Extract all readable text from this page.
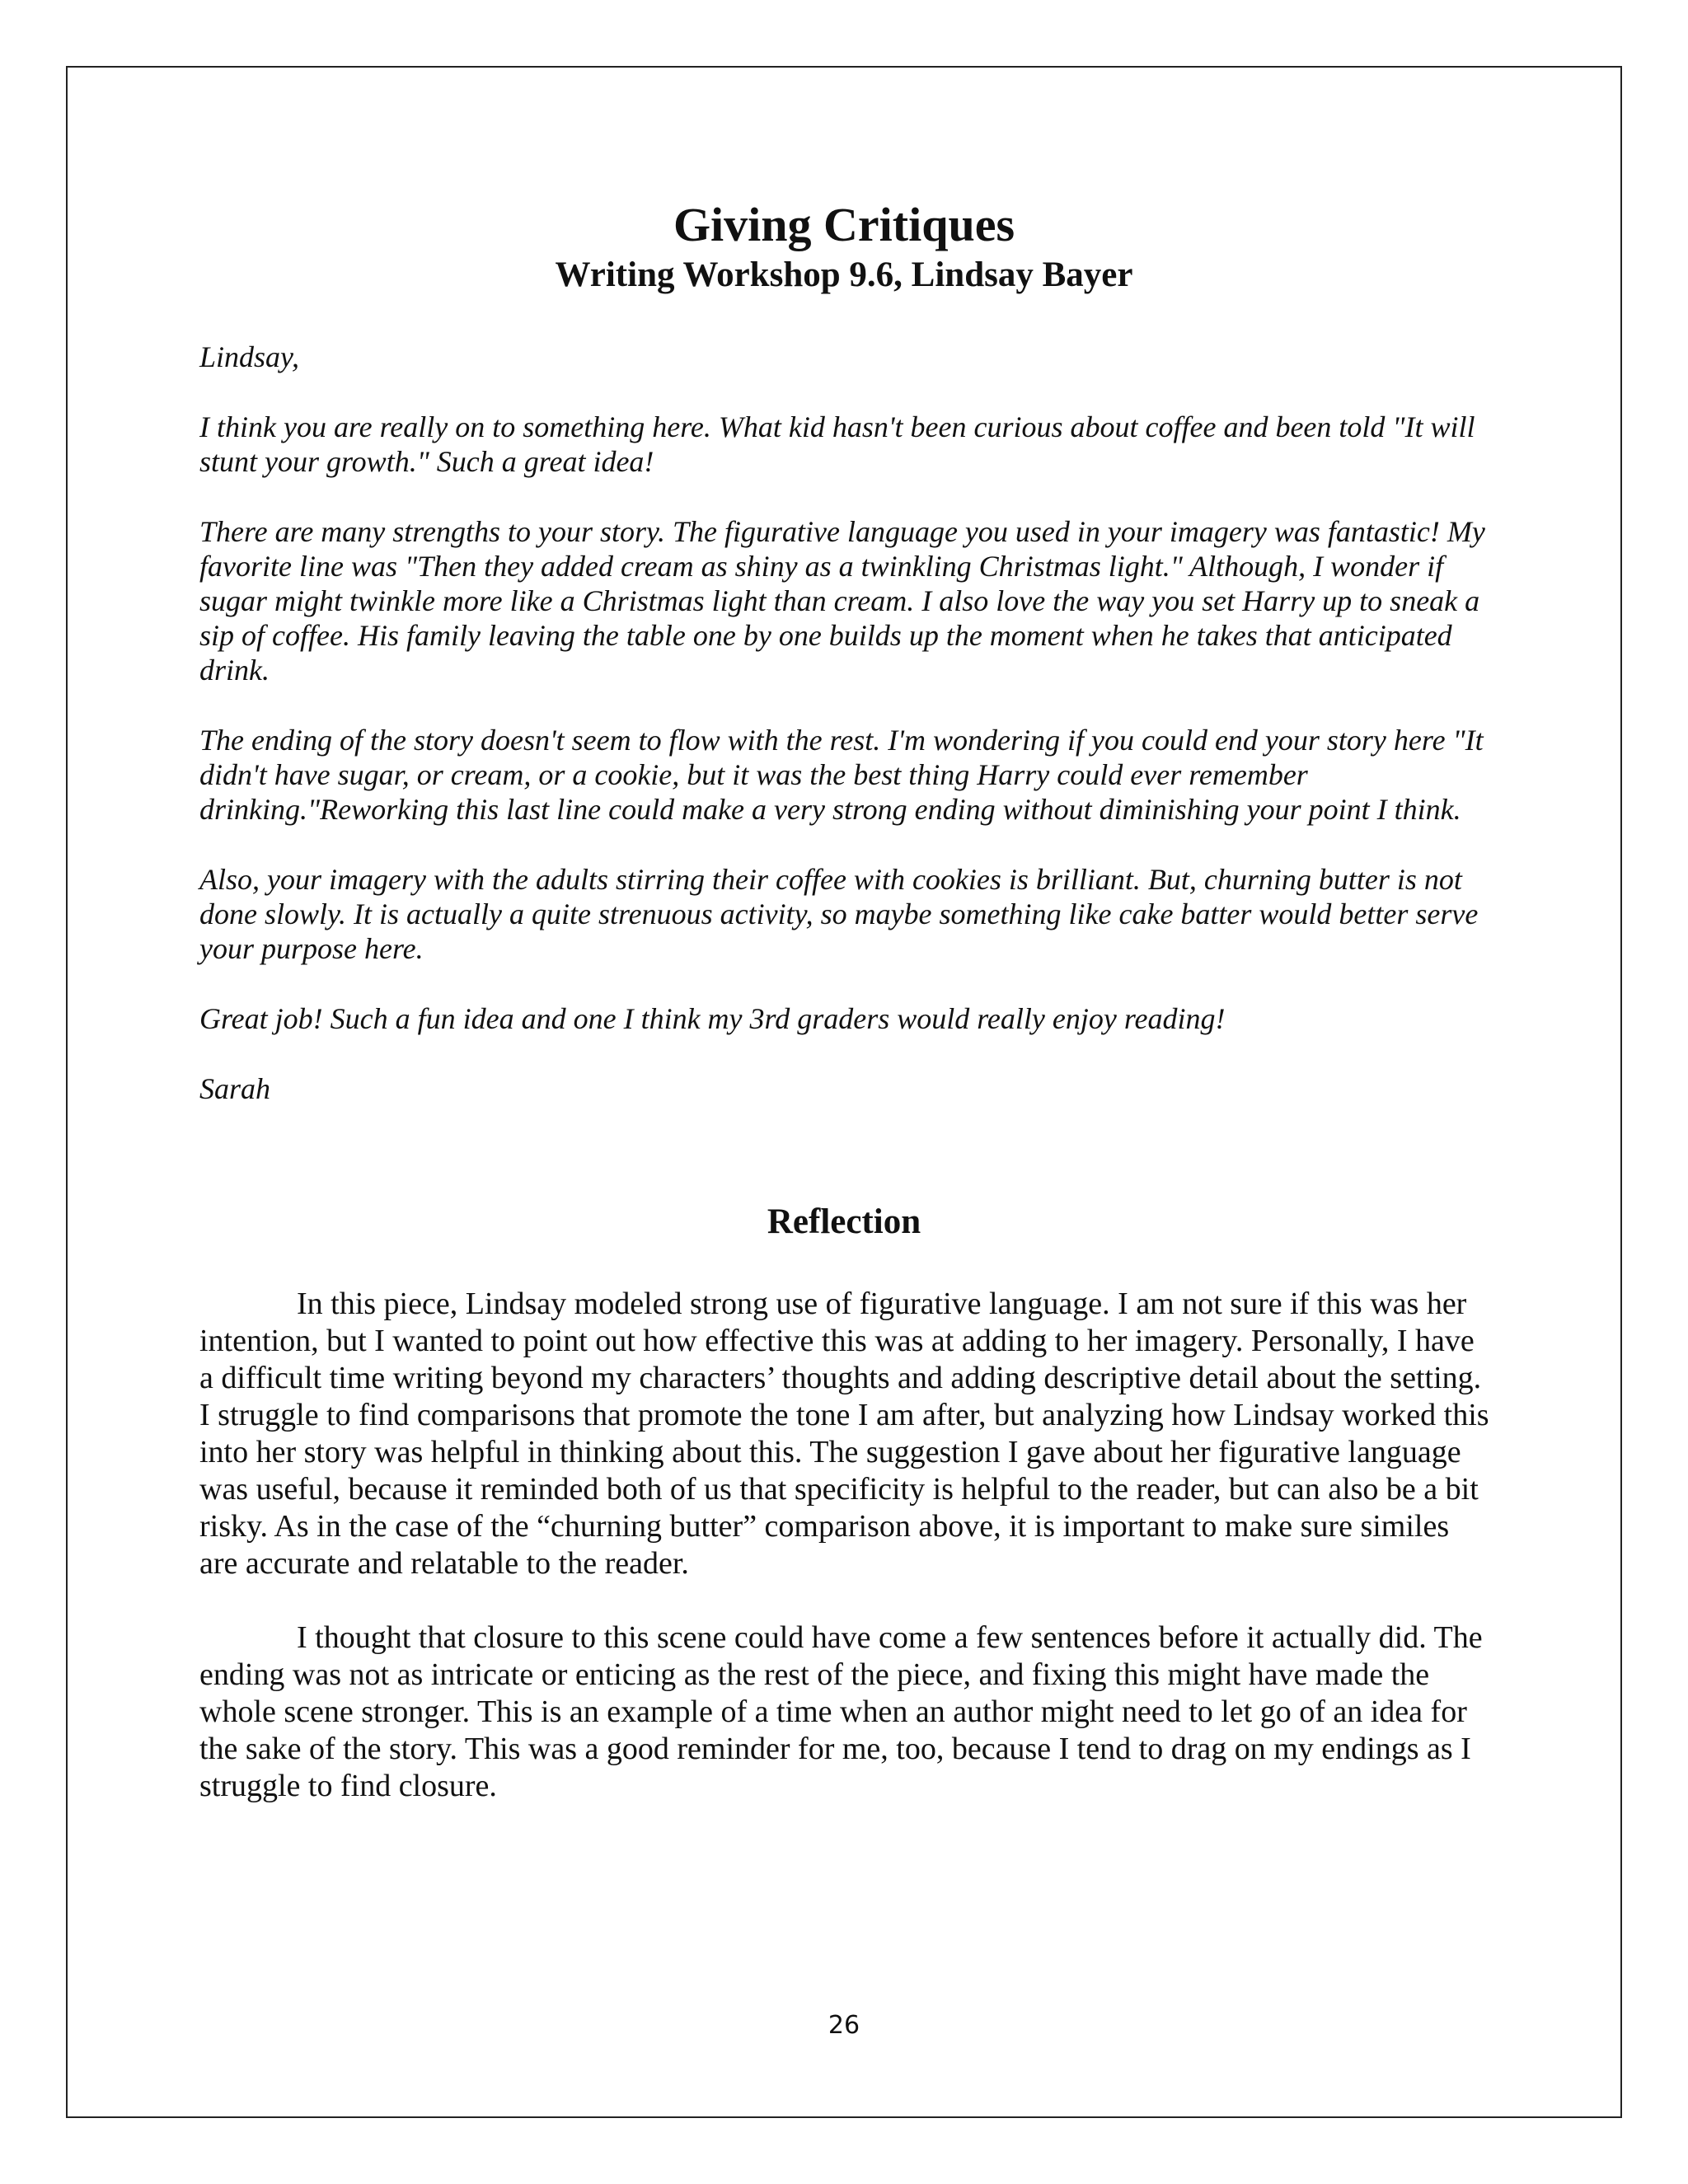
Giving Critiques
Writing Workshop 9.6, Lindsay Bayer

Lindsay,

I think you are really on to something here. What kid hasn't been curious about coffee and been told "It will stunt your growth." Such a great idea!

There are many strengths to your story. The figurative language you used in your imagery was fantastic! My favorite line was "Then they added cream as shiny as a twinkling Christmas light." Although, I wonder if sugar might twinkle more like a Christmas light than cream. I also love the way you set Harry up to sneak a sip of coffee. His family leaving the table one by one builds up the moment when he takes that anticipated drink.

The ending of the story doesn't seem to flow with the rest. I'm wondering if you could end your story here "It didn't have sugar, or cream, or a cookie, but it was the best thing Harry could ever remember drinking."Reworking this last line could make a very strong ending without diminishing your point I think.

Also, your imagery with the adults stirring their coffee with cookies is brilliant. But, churning butter is not done slowly. It is actually a quite strenuous activity, so maybe something like cake batter would better serve your purpose here.

Great job! Such a fun idea and one I think my 3rd graders would really enjoy reading!

Sarah

Reflection

In this piece, Lindsay modeled strong use of figurative language. I am not sure if this was her intention, but I wanted to point out how effective this was at adding to her imagery. Personally, I have a difficult time writing beyond my characters’ thoughts and adding descriptive detail about the setting. I struggle to find comparisons that promote the tone I am after, but analyzing how Lindsay worked this into her story was helpful in thinking about this. The suggestion I gave about her figurative language was useful, because it reminded both of us that specificity is helpful to the reader, but can also be a bit risky. As in the case of the “churning butter” comparison above, it is important to make sure similes are accurate and relatable to the reader.

I thought that closure to this scene could have come a few sentences before it actually did. The ending was not as intricate or enticing as the rest of the piece, and fixing this might have made the whole scene stronger. This is an example of a time when an author might need to let go of an idea for the sake of the story. This was a good reminder for me, too, because I tend to drag on my endings as I struggle to find closure.

26
